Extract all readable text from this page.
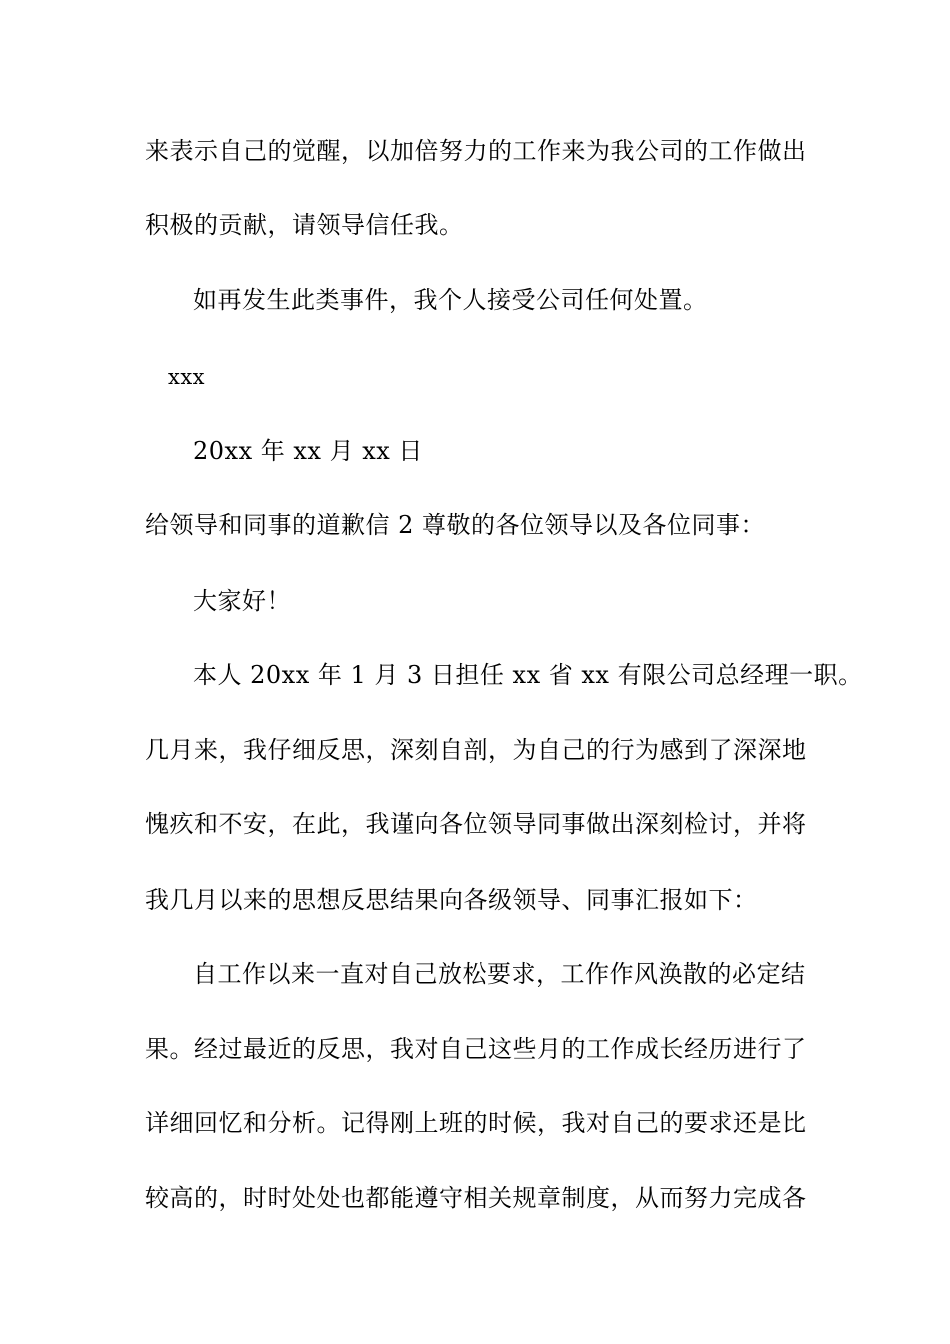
来表示自己的觉醒，以加倍努力的工作来为我公司的工作做出
积极的贡献，请领导信任我。
如再发生此类事件，我个人接受公司任何处置。
xxx
20xx 年 xx 月 xx 日
给领导和同事的道歉信 2 尊敬的各位领导以及各位同事：
大家好！
本人 20xx 年 1 月 3 日担任 xx 省 xx 有限公司总经理一职。
几月来，我仔细反思，深刻自剖，为自己的行为感到了深深地
愧疚和不安，在此，我谨向各位领导同事做出深刻检讨，并将
我几月以来的思想反思结果向各级领导、同事汇报如下：
自工作以来一直对自己放松要求，工作作风涣散的必定结
果。经过最近的反思，我对自己这些月的工作成长经历进行了
详细回忆和分析。记得刚上班的时候，我对自己的要求还是比
较高的，时时处处也都能遵守相关规章制度，从而努力完成各
